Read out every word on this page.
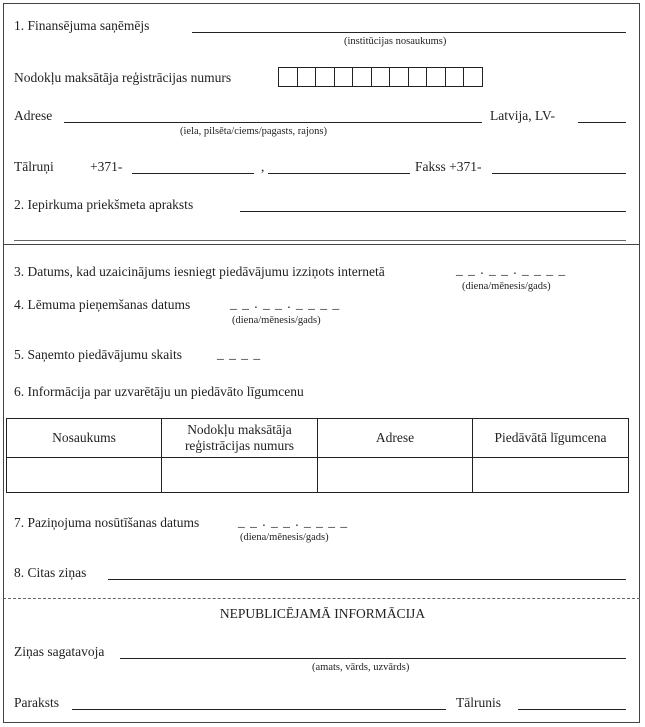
1. Finansējuma saņēmējs
(institūcijas nosaukums)
Nodokļu maksātāja reģistrācijas numurs
Adrese
(iela, pilsēta/ciems/pagasts, rajons)
Latvija, LV-
Tālruņi	+371-	,	Fakss +371-
2. Iepirkuma priekšmeta apraksts
3. Datums, kad uzaicinājums iesniegt piedāvājumu izziņots internetā	_ _ . _ _ . _ _ _ _
(diena/mēnesis/gads)
4. Lēmuma pieņemšanas datums	_ _ . _ _ . _ _ _ _
(diena/mēnesis/gads)
5. Saņemto piedāvājumu skaits	_ _ _ _
6. Informācija par uzvarētāju un piedāvāto līgumcenu
Nosaukums	Nodokļu maksātāja reģistrācijas numurs	Adrese	Piedāvātā līgumcena

7. Paziņojuma nosūtīšanas datums	_ _ . _ _ . _ _ _ _
(diena/mēnesis/gads)
8. Citas ziņas
NEPUBLICĒJAMĀ INFORMĀCIJA
Ziņas sagatavoja
(amats, vārds, uzvārds)
Paraksts	Tālrunis
